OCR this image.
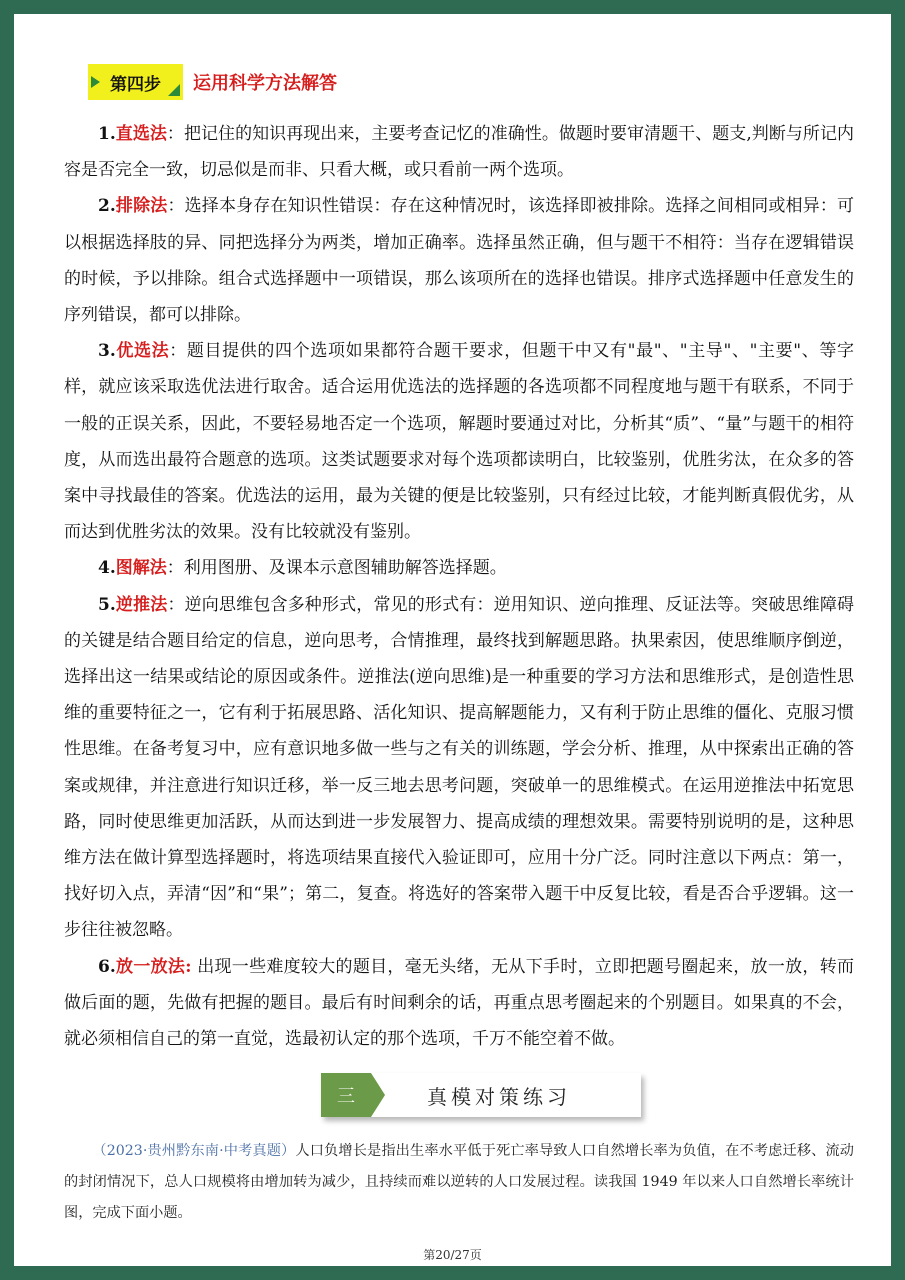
第四步 运用科学方法解答

1.直选法：把记住的知识再现出来，主要考查记忆的准确性。做题时要审清题干、题支,判断与所记内容是否完全一致，切忌似是而非、只看大概，或只看前一两个选项。

2.排除法：选择本身存在知识性错误：存在这种情况时，该选择即被排除。选择之间相同或相异：可以根据选择肢的异、同把选择分为两类，增加正确率。选择虽然正确，但与题干不相符：当存在逻辑错误的时候，予以排除。组合式选择题中一项错误，那么该项所在的选择也错误。排序式选择题中任意发生的序列错误，都可以排除。

3.优选法：题目提供的四个选项如果都符合题干要求，但题干中又有"最"、"主导"、"主要"、等字样，就应该采取选优法进行取舍。适合运用优选法的选择题的各选项都不同程度地与题干有联系，不同于一般的正误关系，因此，不要轻易地否定一个选项，解题时要通过对比，分析其“质”、“量”与题干的相符度，从而选出最符合题意的选项。这类试题要求对每个选项都读明白，比较鉴别，优胜劣汰，在众多的答案中寻找最佳的答案。优选法的运用，最为关键的便是比较鉴别，只有经过比较，才能判断真假优劣，从而达到优胜劣汰的效果。没有比较就没有鉴别。

4.图解法：利用图册、及课本示意图辅助解答选择题。

5.逆推法：逆向思维包含多种形式，常见的形式有：逆用知识、逆向推理、反证法等。突破思维障碍的关键是结合题目给定的信息，逆向思考，合情推理，最终找到解题思路。执果索因，使思维顺序倒逆，选择出这一结果或结论的原因或条件。逆推法(逆向思维)是一种重要的学习方法和思维形式，是创造性思维的重要特征之一，它有利于拓展思路、活化知识、提高解题能力，又有利于防止思维的僵化、克服习惯性思维。在备考复习中，应有意识地多做一些与之有关的训练题，学会分析、推理，从中探索出正确的答案或规律，并注意进行知识迁移，举一反三地去思考问题，突破单一的思维模式。在运用逆推法中拓宽思路，同时使思维更加活跃，从而达到进一步发展智力、提高成绩的理想效果。需要特别说明的是，这种思维方法在做计算型选择题时，将选项结果直接代入验证即可，应用十分广泛。同时注意以下两点：第一，找好切入点，弄清“因”和“果”；第二，复查。将选好的答案带入题干中反复比较，看是否合乎逻辑。这一步往往被忽略。

6.放一放法: 出现一些难度较大的题目，毫无头绪，无从下手时，立即把题号圈起来，放一放，转而做后面的题，先做有把握的题目。最后有时间剩余的话，再重点思考圈起来的个别题目。如果真的不会，就必须相信自己的第一直觉，选最初认定的那个选项，千万不能空着不做。

三	真模对策练习

（2023·贵州黔东南·中考真题）人口负增长是指出生率水平低于死亡率导致人口自然增长率为负值，在不考虑迁移、流动的封闭情况下，总人口规模将由增加转为减少，且持续而难以逆转的人口发展过程。读我国 1949 年以来人口自然增长率统计图，完成下面小题。

第20/27页
